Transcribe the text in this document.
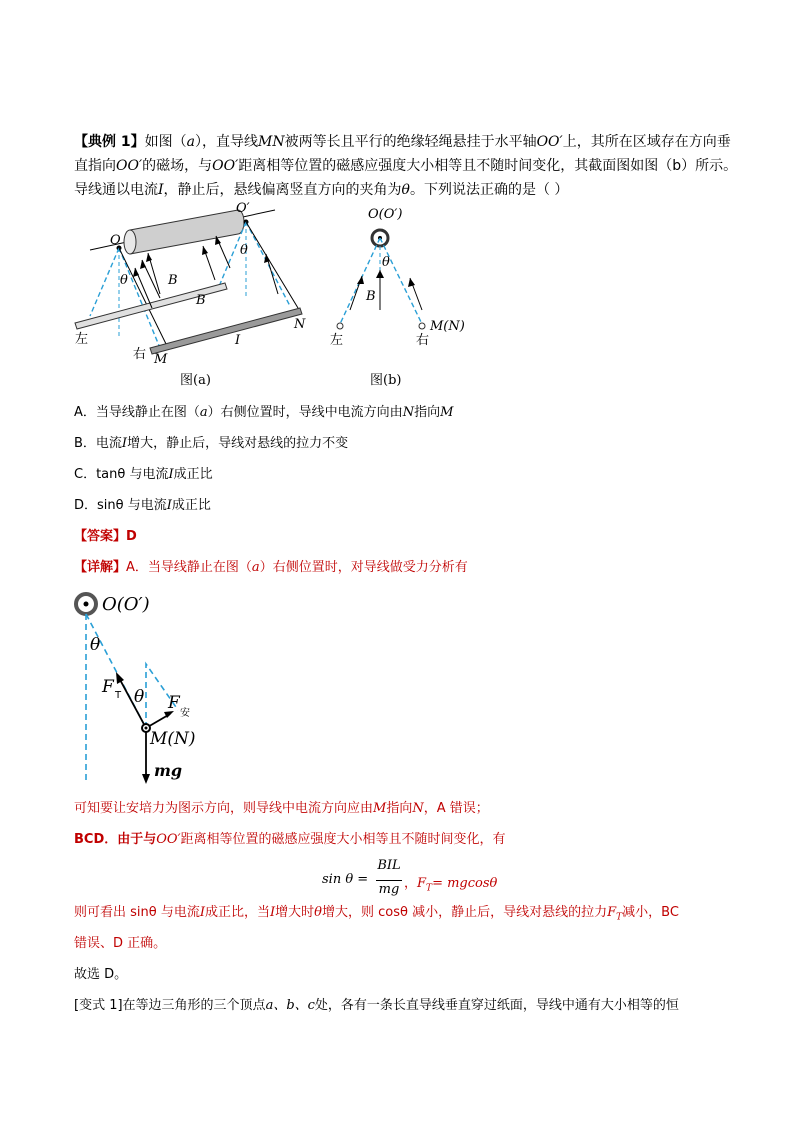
【典例 1】如图（a），直导线MN被两等长且平行的绝缘轻绳悬挂于水平轴OO′上，其所在区域存在方向垂
直指向OO′的磁场，与OO′距离相等位置的磁感应强度大小相等且不随时间变化，其截面图如图（b）所示。
导线通以电流I，静止后，悬线偏离竖直方向的夹角为θ。下列说法正确的是（ ）
O
O′
θ
θ
B
B
左
右 M
N
I
图(a)
O(O′)
θ
B
左	右
M(N)
图(b)
A．当导线静止在图（a）右侧位置时，导线中电流方向由N指向M
B．电流I增大，静止后，导线对悬线的拉力不变
C．tanθ 与电流I成正比
D．sinθ 与电流I成正比
【答案】D
【详解】A．当导线静止在图（a）右侧位置时，对导线做受力分析有
O(O′)
θ
F T θ F
安
M(N)
mg
可知要让安培力为图示方向，则导线中电流方向应由M指向N，A 错误；
BCD．由于与OO′距离相等位置的磁感应强度大小相等且不随时间变化，有
sin θ =
BIL
mg ，$F_T= mgcos\theta$
则可看出 sinθ 与电流I成正比，当I增大时θ增大，则 cosθ 减小，静止后，导线对悬线的拉力$F_T$减小，BC
错误、D 正确。
故选 D。
[变式 1]在等边三角形的三个顶点a、b、c处，各有一条长直导线垂直穿过纸面，导线中通有大小相等的恒
